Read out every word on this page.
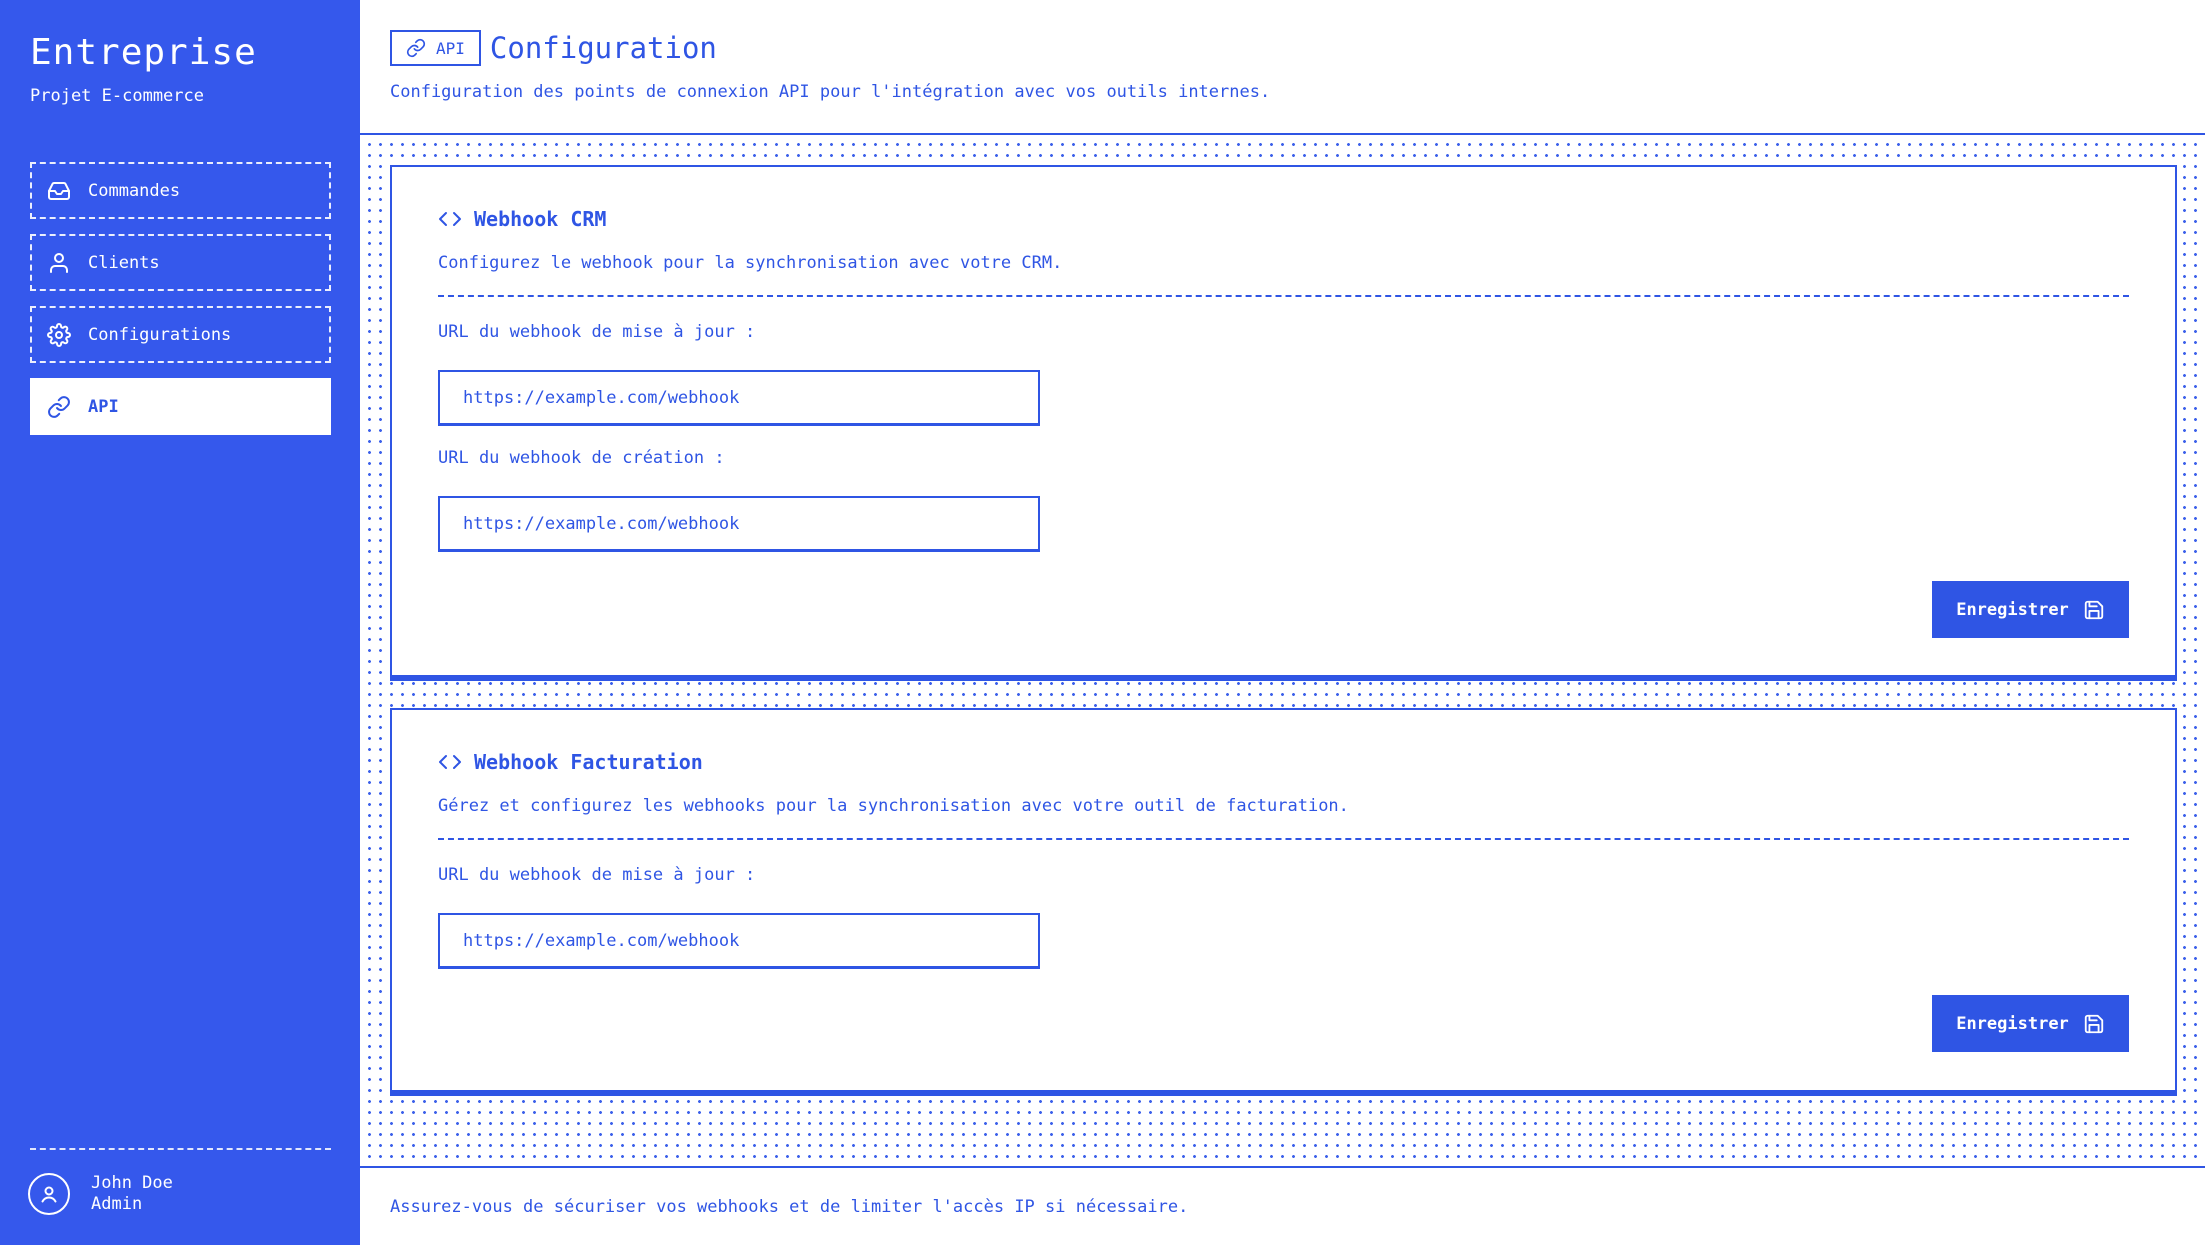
Entreprise
Projet E-commerce
Commandes
Clients
Configurations
API
John Doe
Admin
API Configuration

Configuration des points de connexion API pour l'intégration avec vos outils internes.

Webhook CRM

Configurez le webhook pour la synchronisation avec votre CRM.

URL du webhook de mise à jour :
https://example.com/webhook
URL du webhook de création :
https://example.com/webhook
Enregistrer
Webhook Facturation

Gérez et configurez les webhooks pour la synchronisation avec votre outil de facturation.

URL du webhook de mise à jour :
https://example.com/webhook
Enregistrer

Assurez-vous de sécuriser vos webhooks et de limiter l'accès IP si nécessaire.
